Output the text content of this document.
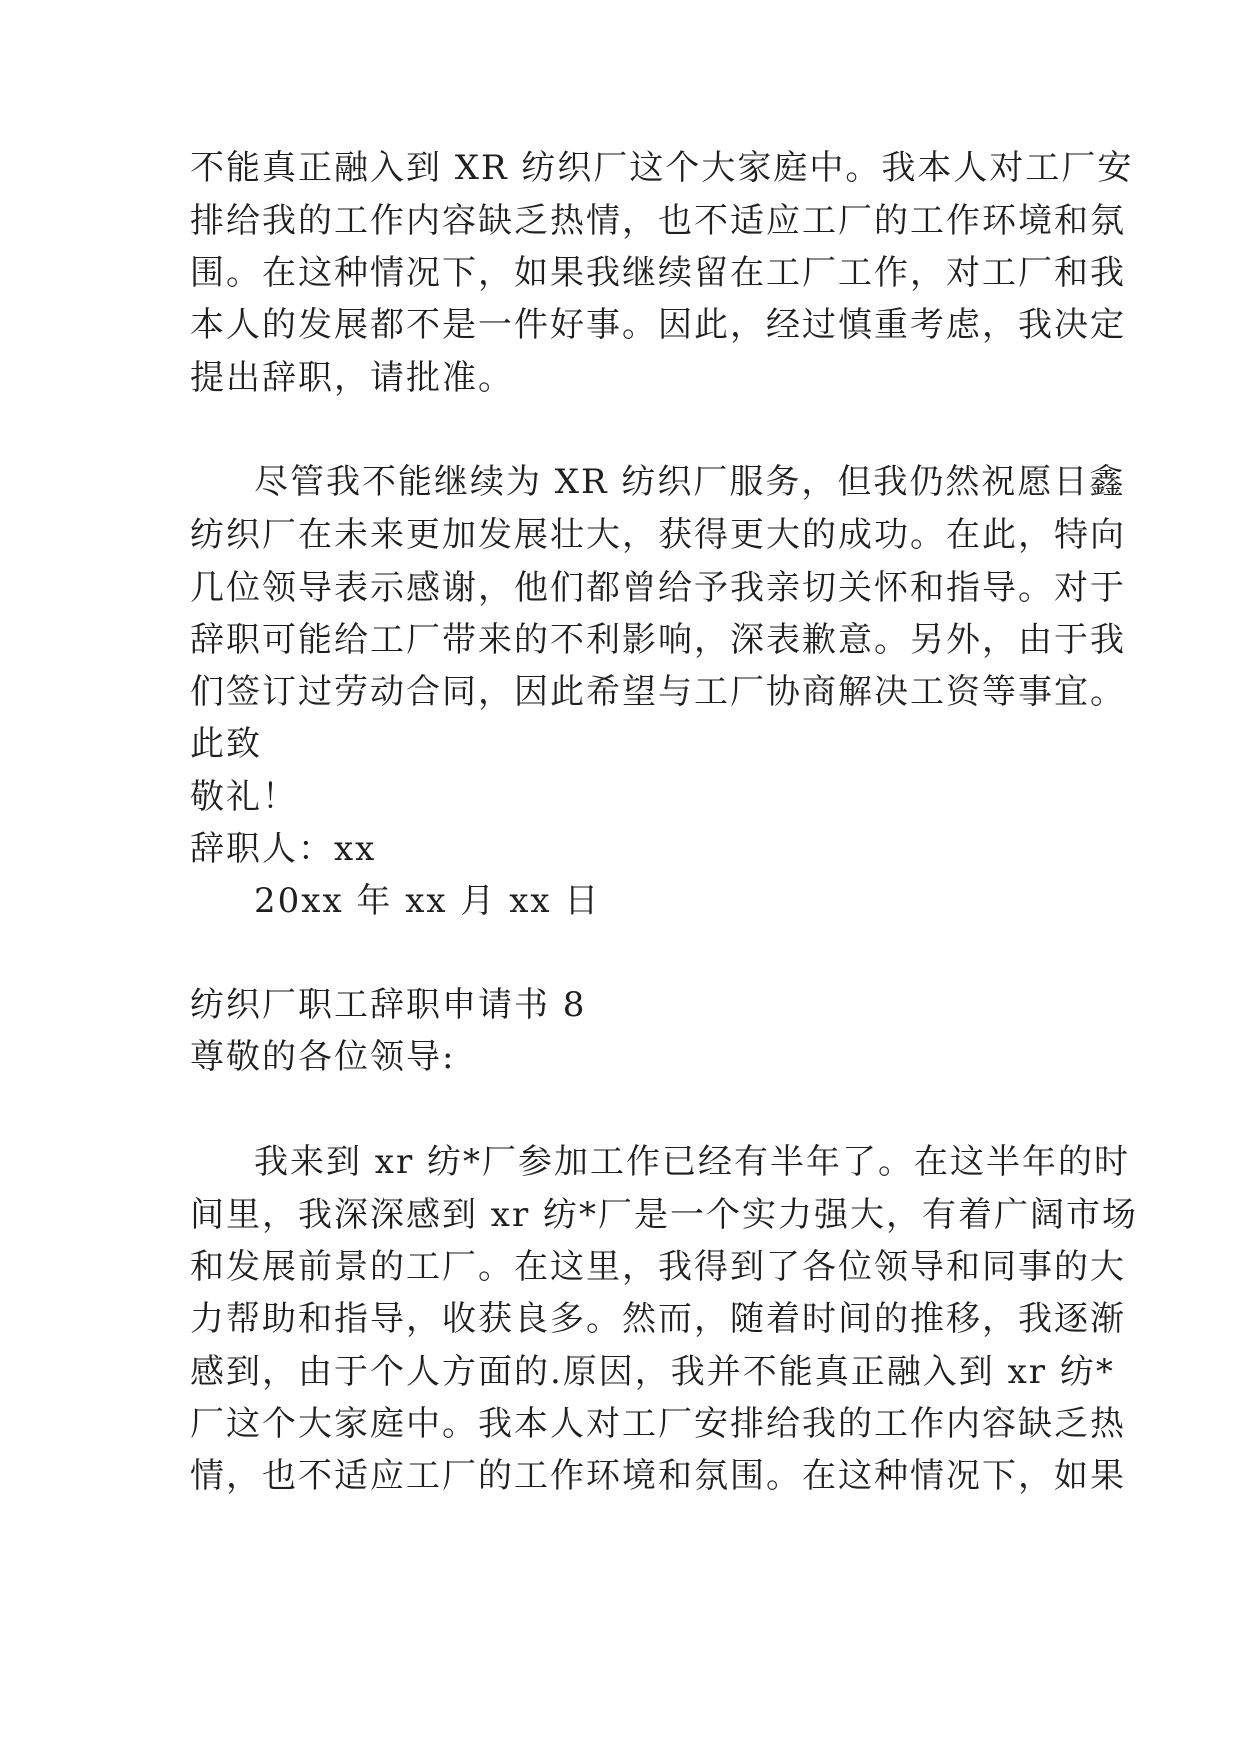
不能真正融入到 XR 纺织厂这个大家庭中。我本人对工厂安
排给我的工作内容缺乏热情，也不适应工厂的工作环境和氛
围。在这种情况下，如果我继续留在工厂工作，对工厂和我
本人的发展都不是一件好事。因此，经过慎重考虑，我决定
提出辞职，请批准。
尽管我不能继续为 XR 纺织厂服务，但我仍然祝愿日鑫
纺织厂在未来更加发展壮大，获得更大的成功。在此，特向
几位领导表示感谢，他们都曾给予我亲切关怀和指导。对于
辞职可能给工厂带来的不利影响，深表歉意。另外，由于我
们签订过劳动合同，因此希望与工厂协商解决工资等事宜。
此致
敬礼！
辞职人：xx
20xx 年 xx 月 xx 日
纺织厂职工辞职申请书 8
尊敬的各位领导:
我来到 xr 纺*厂参加工作已经有半年了。在这半年的时
间里，我深深感到 xr 纺*厂是一个实力强大，有着广阔市场
和发展前景的工厂。在这里，我得到了各位领导和同事的大
力帮助和指导，收获良多。然而，随着时间的推移，我逐渐
感到，由于个人方面的.原因，我并不能真正融入到 xr 纺*
厂这个大家庭中。我本人对工厂安排给我的工作内容缺乏热
情，也不适应工厂的工作环境和氛围。在这种情况下，如果
